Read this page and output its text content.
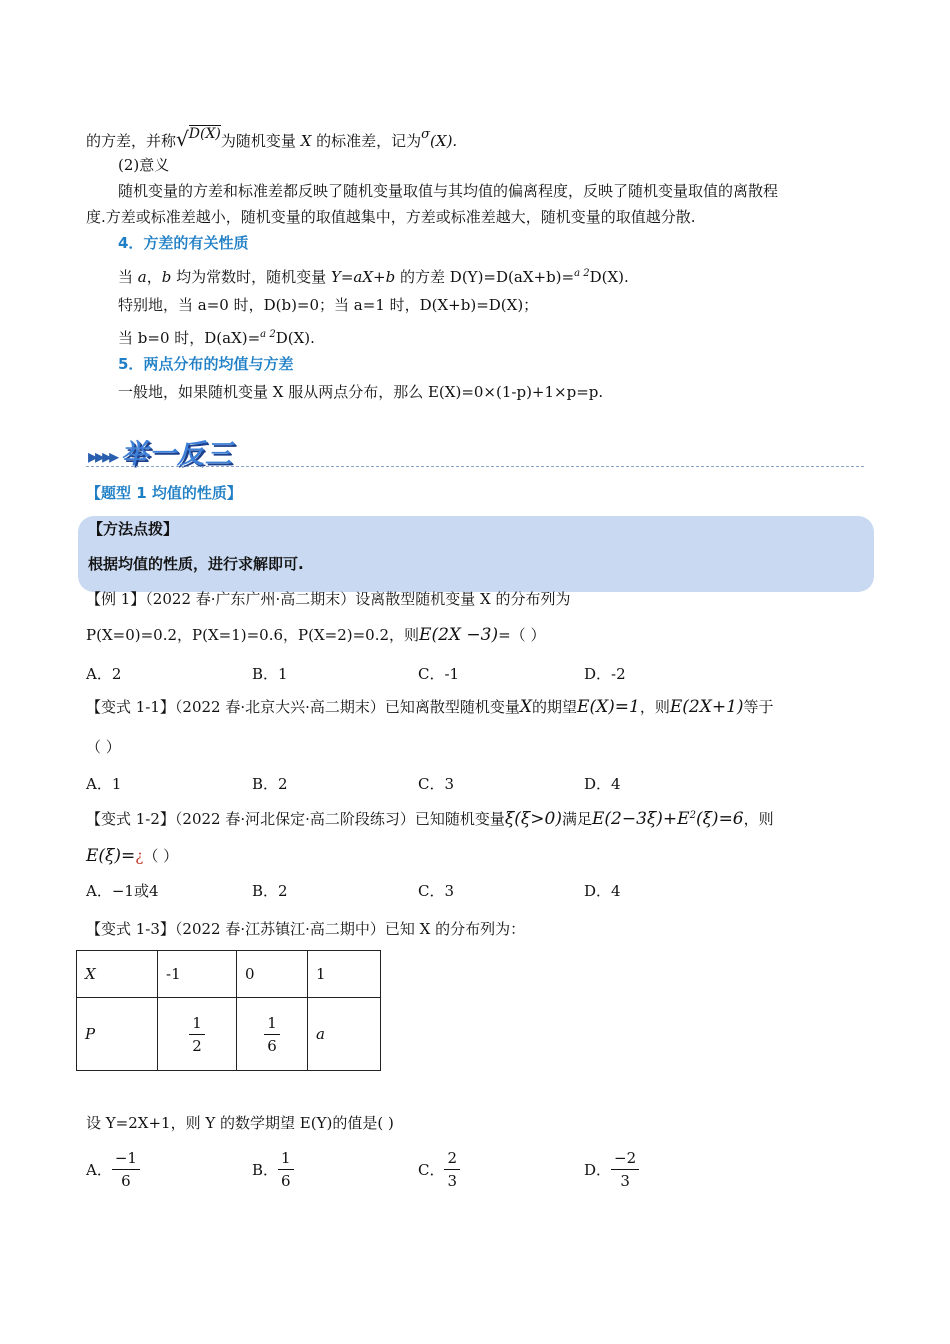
的方差，并称√D(X)为随机变量 X 的标准差，记为σ(X).
(2)意义
随机变量的方差和标准差都反映了随机变量取值与其均值的偏离程度，反映了随机变量取值的离散程
度.方差或标准差越小，随机变量的取值越集中，方差或标准差越大，随机变量的取值越分散.
4．方差的有关性质
当 a，b 均为常数时，随机变量 Y=aX+b 的方差 D(Y)=D(aX+b)=$^{a 2}$D(X).
特别地，当 a=0 时，D(b)=0；当 a=1 时，D(X+b)=D(X)；
当 b=0 时，D(aX)=$^{a 2}$D(X).
5．两点分布的均值与方差
一般地，如果随机变量 X 服从两点分布，那么 E(X)=0×(1-p)+1×p=p.
▸▸▸▸ 举一反三
【题型 1 均值的性质】
【方法点拨】
根据均值的性质，进行求解即可.
【例 1】（2022 春·广东广州·高二期末）设离散型随机变量 X 的分布列为
P(X=0)=0.2，P(X=1)=0.6，P(X=2)=0.2，则E(2X −3)=（ ）
A．2	B．1	C．-1	D．-2
【变式 1-1】（2022 春·北京大兴·高二期末）已知离散型随机变量X的期望E(X)=1，则E(2X+1)等于
（ ）
A．1	B．2	C．3	D．4
【变式 1-2】（2022 春·河北保定·高二阶段练习）已知随机变量ξ(ξ>0)满足$E(2-3\xi)+E^2(\xi)=6$，则
E(ξ)=¿（ ）
A．−1或4	B．2	C．3	D．4
【变式 1-3】（2022 春·江苏镇江·高二期中）已知 X 的分布列为：
X	-1	0	1
P	$\frac{1}{2}$	$\frac{1}{6}$	a
设 Y=2X+1，则 Y 的数学期望 E(Y)的值是( )
A． $\frac{-1}{6}$	B． $\frac{1}{6}$	C． $\frac{2}{3}$	D． $\frac{-2}{3}$
